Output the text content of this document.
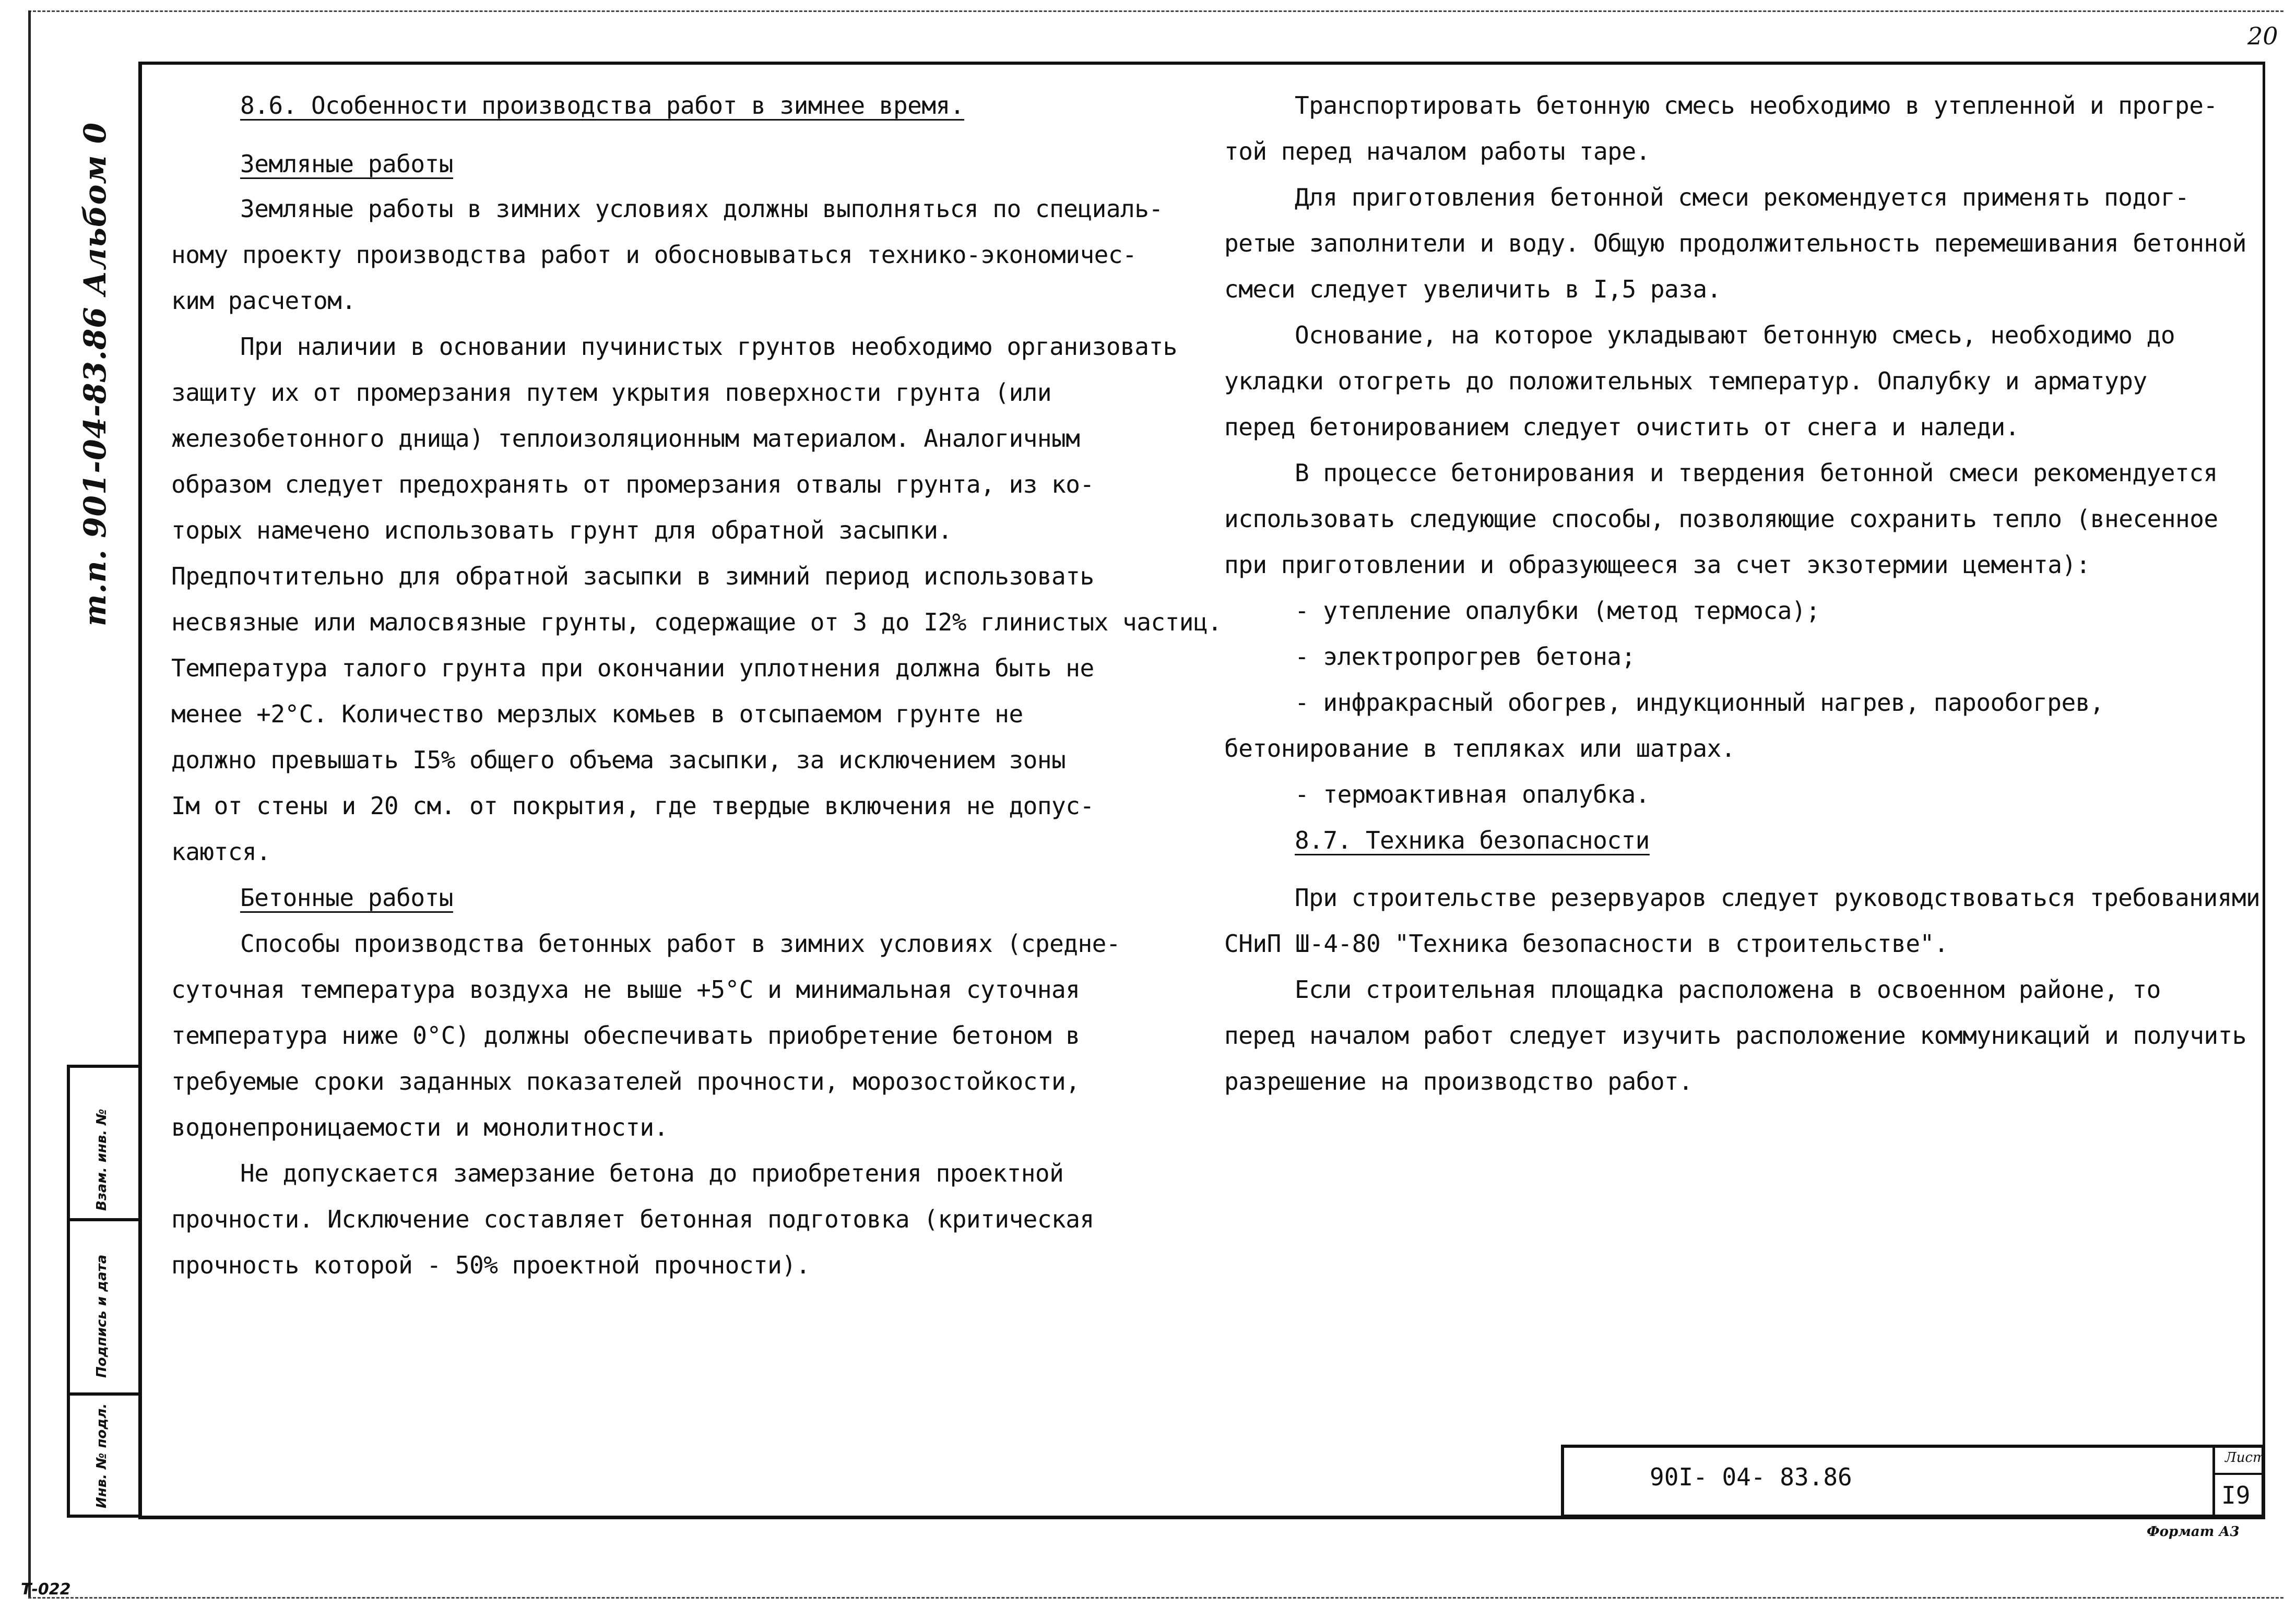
20
т.п. 901-04-83.86 Альбом 0
Взам. инв. №
Подпись и дата
Инв. № подл.
8.6. Особенности производства работ в зимнее время.
Земляные работы
Земляные работы в зимних условиях должны выполняться по специаль-
ному проекту производства работ и обосновываться технико-экономичес-
ким расчетом.
При наличии в основании пучинистых грунтов необходимо организовать
защиту их от промерзания путем укрытия поверхности грунта (или
железобетонного днища) теплоизоляционным материалом. Аналогичным
образом следует предохранять от промерзания отвалы грунта, из ко-
торых намечено использовать грунт для обратной засыпки.
Предпочтительно для обратной засыпки в зимний период использовать
несвязные или малосвязные грунты, содержащие от 3 до I2% глинистых частиц.
Температура талого грунта при окончании уплотнения должна быть не
менее +2°С. Количество мерзлых комьев в отсыпаемом грунте не
должно превышать I5% общего объема засыпки, за исключением зоны
Iм от стены и 20 см. от покрытия, где твердые включения не допус-
каются.
Бетонные работы
Способы производства бетонных работ в зимних условиях (средне-
суточная температура воздуха не выше +5°С и минимальная суточная
температура ниже 0°С) должны обеспечивать приобретение бетоном в
требуемые сроки заданных показателей прочности, морозостойкости,
водонепроницаемости и монолитности.
Не допускается замерзание бетона до приобретения проектной
прочности. Исключение составляет бетонная подготовка (критическая
прочность которой - 50% проектной прочности).
Транспортировать бетонную смесь необходимо в утепленной и прогре-
той перед началом работы таре.
Для приготовления бетонной смеси рекомендуется применять подог-
ретые заполнители и воду. Общую продолжительность перемешивания бетонной
смеси следует увеличить в I,5 раза.
Основание, на которое укладывают бетонную смесь, необходимо до
укладки отогреть до положительных температур. Опалубку и арматуру
перед бетонированием следует очистить от снега и наледи.
В процессе бетонирования и твердения бетонной смеси рекомендуется
использовать следующие способы, позволяющие сохранить тепло (внесенное
при приготовлении и образующееся за счет экзотермии цемента):
- утепление опалубки (метод термоса);
- электропрогрев бетона;
- инфракрасный обогрев, индукционный нагрев, парообогрев,
бетонирование в тепляках или шатрах.
- термоактивная опалубка.
8.7. Техника безопасности
При строительстве резервуаров следует руководствоваться требованиями
СНиП Ш-4-80 "Техника безопасности в строительстве".
Если строительная площадка расположена в освоенном районе, то
перед началом работ следует изучить расположение коммуникаций и получить
разрешение на производство работ.
90I- 04- 83.86
Лист
I9
Формат А3
Т-022
